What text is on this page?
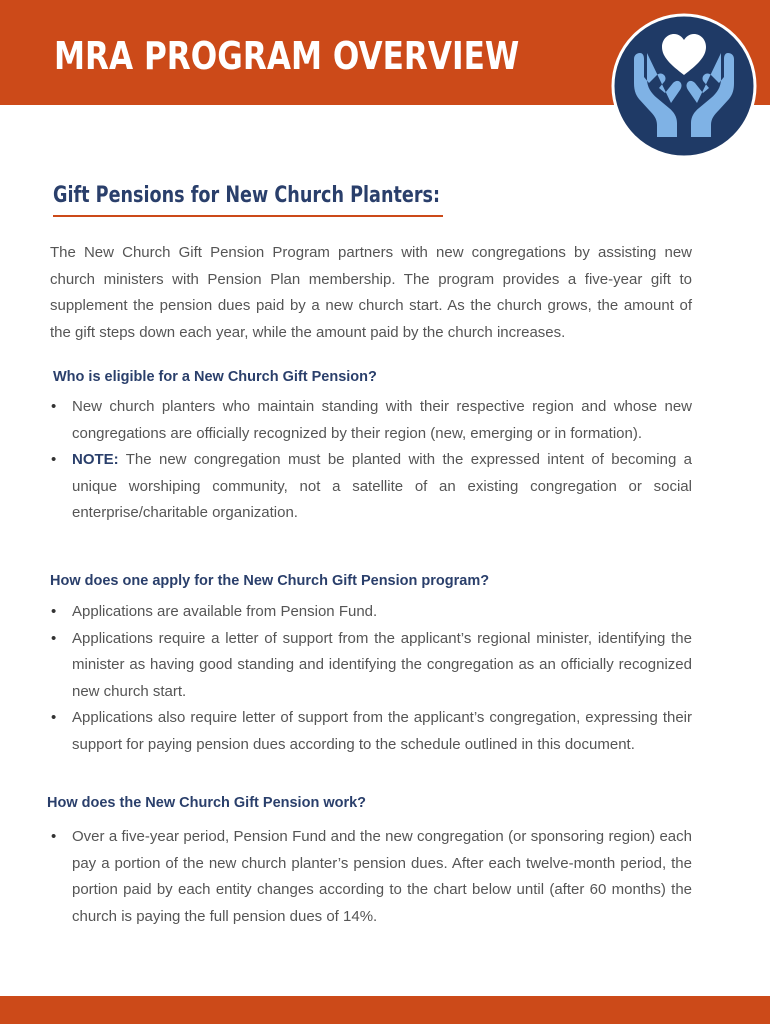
MRA PROGRAM OVERVIEW
Gift Pensions for New Church Planters:

The New Church Gift Pension Program partners with new congregations by assisting new church ministers with Pension Plan membership. The program provides a five-year gift to supplement the pension dues paid by a new church start. As the church grows, the amount of the gift steps down each year, while the amount paid by the church increases.

Who is eligible for a New Church Gift Pension?

• New church planters who maintain standing with their respective region and whose new congregations are officially recognized by their region (new, emerging or in formation).
• NOTE: The new congregation must be planted with the expressed intent of becoming a unique worshiping community, not a satellite of an existing congregation or social enterprise/charitable organization.

How does one apply for the New Church Gift Pension program?

• Applications are available from Pension Fund.
• Applications require a letter of support from the applicant’s regional minister, identifying the minister as having good standing and identifying the congregation as an officially recognized new church start.
• Applications also require letter of support from the applicant’s congregation, expressing their support for paying pension dues according to the schedule outlined in this document.

How does the New Church Gift Pension work?

• Over a five-year period, Pension Fund and the new congregation (or sponsoring region) each pay a portion of the new church planter’s pension dues. After each twelve-month period, the portion paid by each entity changes according to the chart below until (after 60 months) the church is paying the full pension dues of 14%.
